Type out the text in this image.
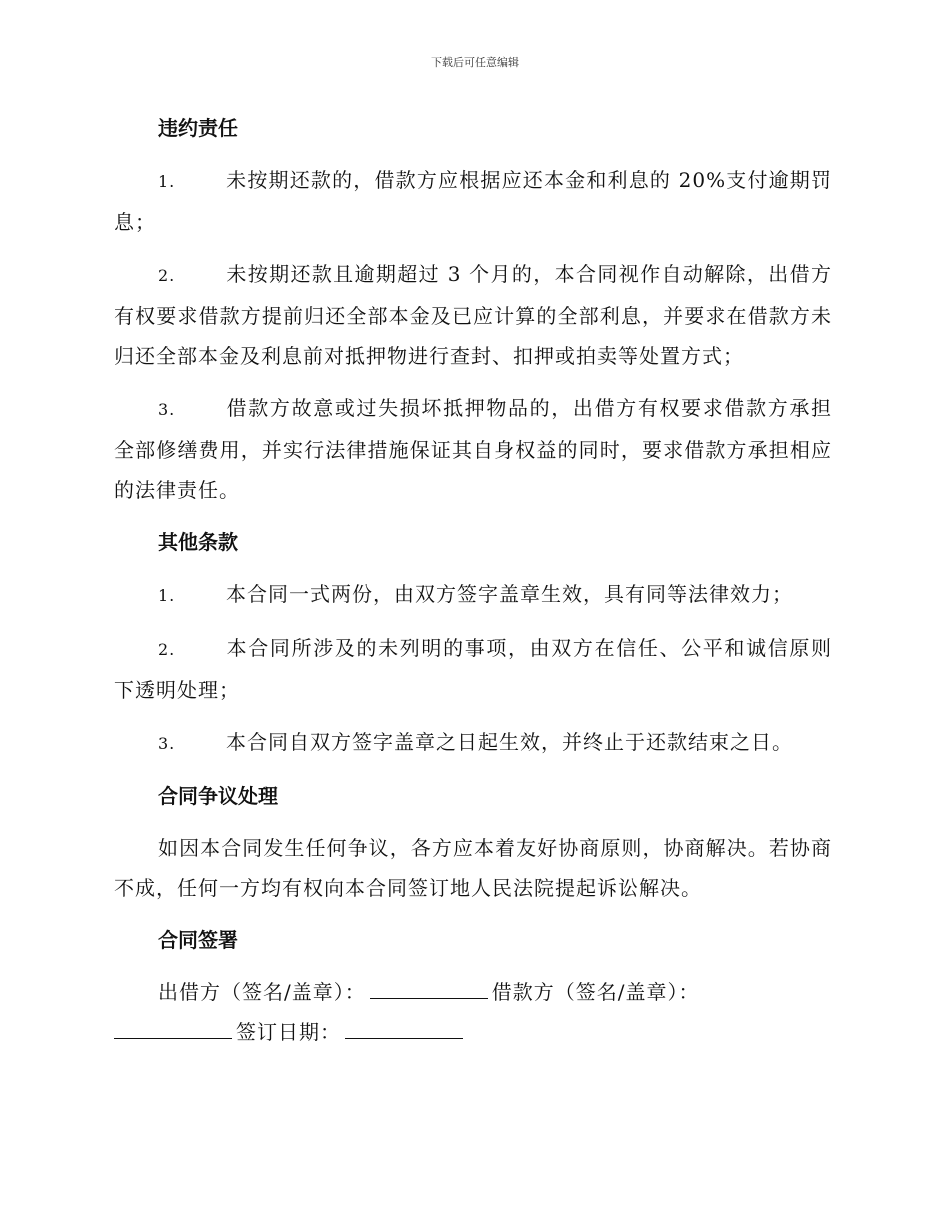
下载后可任意编辑
违约责任

1.	未按期还款的，借款方应根据应还本金和利息的 20%支付逾期罚息；

2.	未按期还款且逾期超过 3 个月的，本合同视作自动解除，出借方有权要求借款方提前归还全部本金及已应计算的全部利息，并要求在借款方未归还全部本金及利息前对抵押物进行查封、扣押或拍卖等处置方式；

3.	借款方故意或过失损坏抵押物品的，出借方有权要求借款方承担全部修缮费用，并实行法律措施保证其自身权益的同时，要求借款方承担相应的法律责任。

其他条款

1.	本合同一式两份，由双方签字盖章生效，具有同等法律效力；

2.	本合同所涉及的未列明的事项，由双方在信任、公平和诚信原则下透明处理；

3.	本合同自双方签字盖章之日起生效，并终止于还款结束之日。

合同争议处理

如因本合同发生任何争议，各方应本着友好协商原则，协商解决。若协商不成，任何一方均有权向本合同签订地人民法院提起诉讼解决。

合同签署

出借方（签名/盖章）：	借款方（签名/盖章）：

签订日期：
